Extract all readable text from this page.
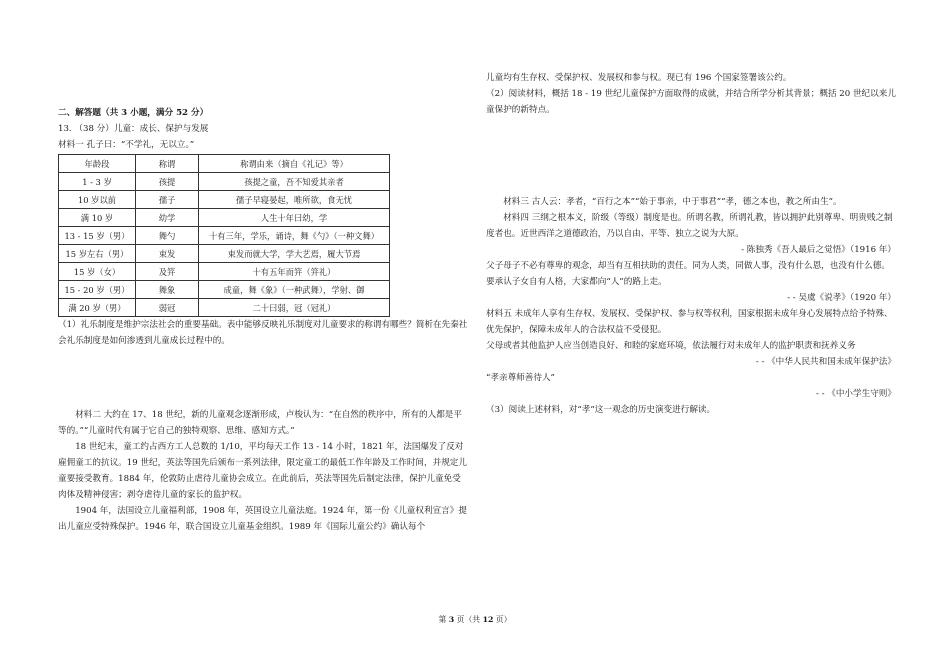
二、解答题（共 3 小题，满分 52 分）

13. （38 分）儿童：成长、保护与发展

材料一 孔子曰：“不学礼，无以立。”

年龄段	称谓	称谓由来（摘自《礼记》等）
1 - 3 岁	孩提	孩提之童，吾不知爱其亲者
10 岁以前	孺子	孺子早寝晏起，唯所欲，食无忧
满 10 岁	幼学	人生十年曰幼，学
13 - 15 岁（男）	舞勺	十有三年，学乐，诵诗，舞《勺》（一种文舞）
15 岁左右（男）	束发	束发而就大学，学大艺焉，履大节焉
15 岁（女）	及笄	十有五年而笄（笄礼）
15 - 20 岁（男）	舞象	成童，舞《象》（一种武舞），学射、御
满 20 岁（男）	弱冠	二十曰弱，冠（冠礼）

（1）礼乐制度是维护宗法社会的重要基础。表中能够反映礼乐制度对儿童要求的称谓有哪些？简析在先秦社会礼乐制度是如何渗透到儿童成长过程中的。

材料二 大约在 17、18 世纪，新的儿童观念逐渐形成，卢梭认为：“在自然的秩序中，所有的人都是平等的。”“儿童时代有属于它自己的独特观察、思维、感知方式。”

18 世纪末，童工约占西方工人总数的 1/10，平均每天工作 13 - 14 小时，1821 年，法国爆发了反对雇佣童工的抗议。19 世纪，英法等国先后颁布一系列法律，限定童工的最低工作年龄及工作时间，并规定儿童要接受教育。1884 年，伦敦防止虐待儿童协会成立。在此前后，英法等国先后制定法律，保护儿童免受肉体及精神侵害；剥夺虐待儿童的家长的监护权。

1904 年，法国设立儿童福利部，1908 年，英国设立儿童法庭。1924 年，第一份《儿童权利宣言》提出儿童应受特殊保护。1946 年，联合国设立儿童基金组织。1989 年《国际儿童公约》确认每个

儿童均有生存权、受保护权、发展权和参与权。现已有 196 个国家签署该公约。

（2）阅读材料，概括 18 - 19 世纪儿童保护方面取得的成就，并结合所学分析其背景；概括 20 世纪以来儿童保护的新特点。

材料三 古人云：孝者，“百行之本”“始于事亲，中于事君”“孝，德之本也，教之所由生”。

材料四 三纲之根本义，阶级（等级）制度是也。所谓名教，所谓礼教，皆以拥护此别尊卑、明贵贱之制度者也。近世西洋之道德政治，乃以自由、平等、独立之说为大原。

- 陈独秀《吾人最后之觉悟》（1916 年）

父子母子不必有尊卑的观念，却当有互相扶助的责任。同为人类，同做人事，没有什么恩，也没有什么德。要承认子女自有人格，大家都向“人”的路上走。

- - 吴虞《说孝》（1920 年）

材料五 未成年人享有生存权、发展权、受保护权、参与权等权利，国家根据未成年身心发展特点给予特殊、优先保护，保障未成年人的合法权益不受侵犯。

父母或者其他监护人应当创造良好、和睦的家庭环境，依法履行对未成年人的监护职责和抚养义务

- - 《中华人民共和国未成年保护法》

“孝亲尊师善待人”

- - 《中小学生守则》

（3）阅读上述材料，对“孝”这一观念的历史演变进行解读。

第 3 页（共 12 页）
